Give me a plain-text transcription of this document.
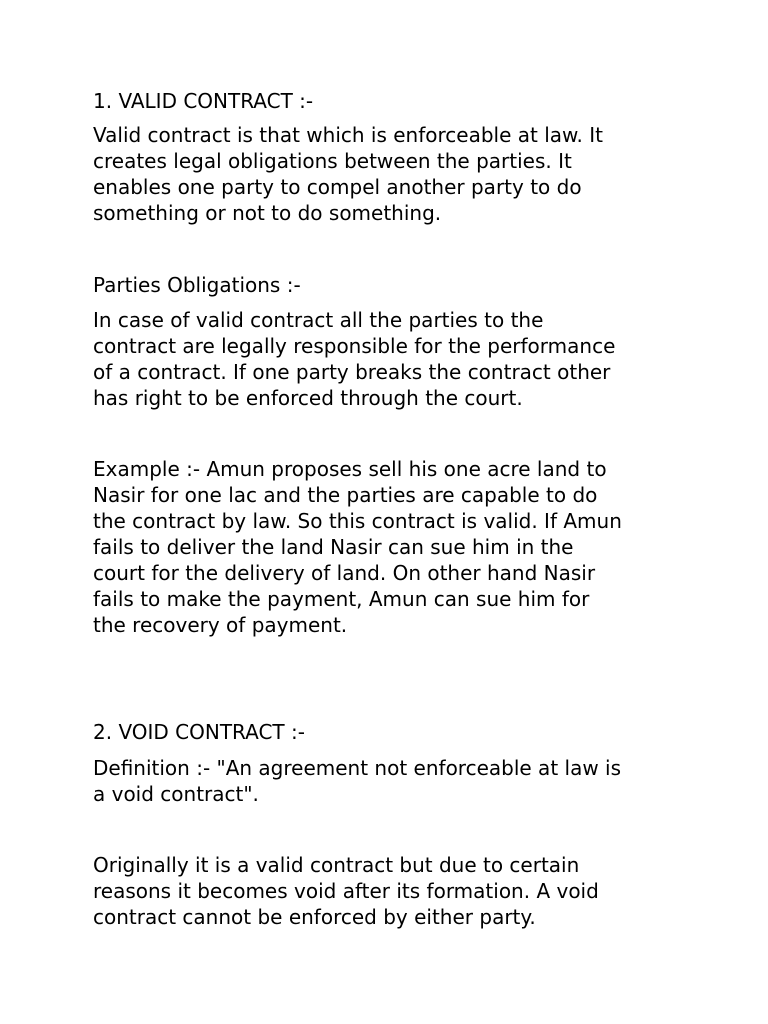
1. VALID CONTRACT :-

Valid contract is that which is enforceable at law. It
creates legal obligations between the parties. It
enables one party to compel another party to do
something or not to do something.

Parties Obligations :-

In case of valid contract all the parties to the
contract are legally responsible for the performance
of a contract. If one party breaks the contract other
has right to be enforced through the court.

Example :- Amun proposes sell his one acre land to
Nasir for one lac and the parties are capable to do
the contract by law. So this contract is valid. If Amun
fails to deliver the land Nasir can sue him in the
court for the delivery of land. On other hand Nasir
fails to make the payment, Amun can sue him for
the recovery of payment.

2. VOID CONTRACT :-

Definition :- "An agreement not enforceable at law is
a void contract".

Originally it is a valid contract but due to certain
reasons it becomes void after its formation. A void
contract cannot be enforced by either party.
